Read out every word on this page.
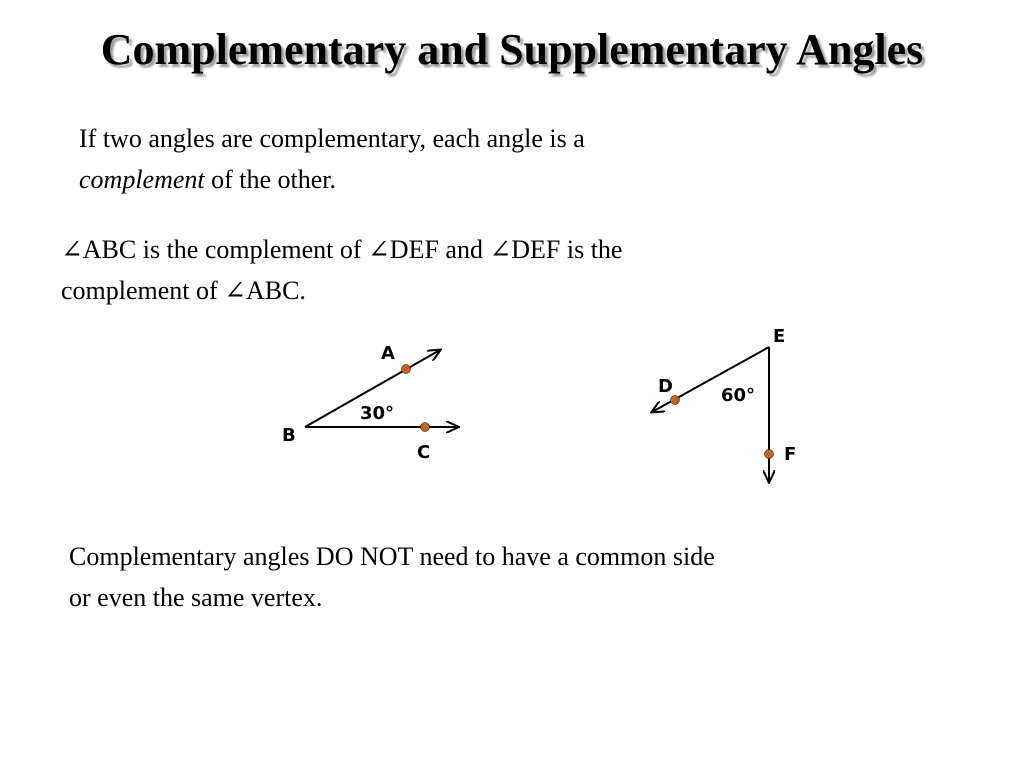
Complementary and Supplementary Angles
If two angles are complementary, each angle is a
complement of the other.
∠ABC is the complement of ∠DEF and ∠DEF is the
complement of ∠ABC.
A
B
C
30°
E
D
F
60°
Complementary angles DO NOT need to have a common side
or even the same vertex.
